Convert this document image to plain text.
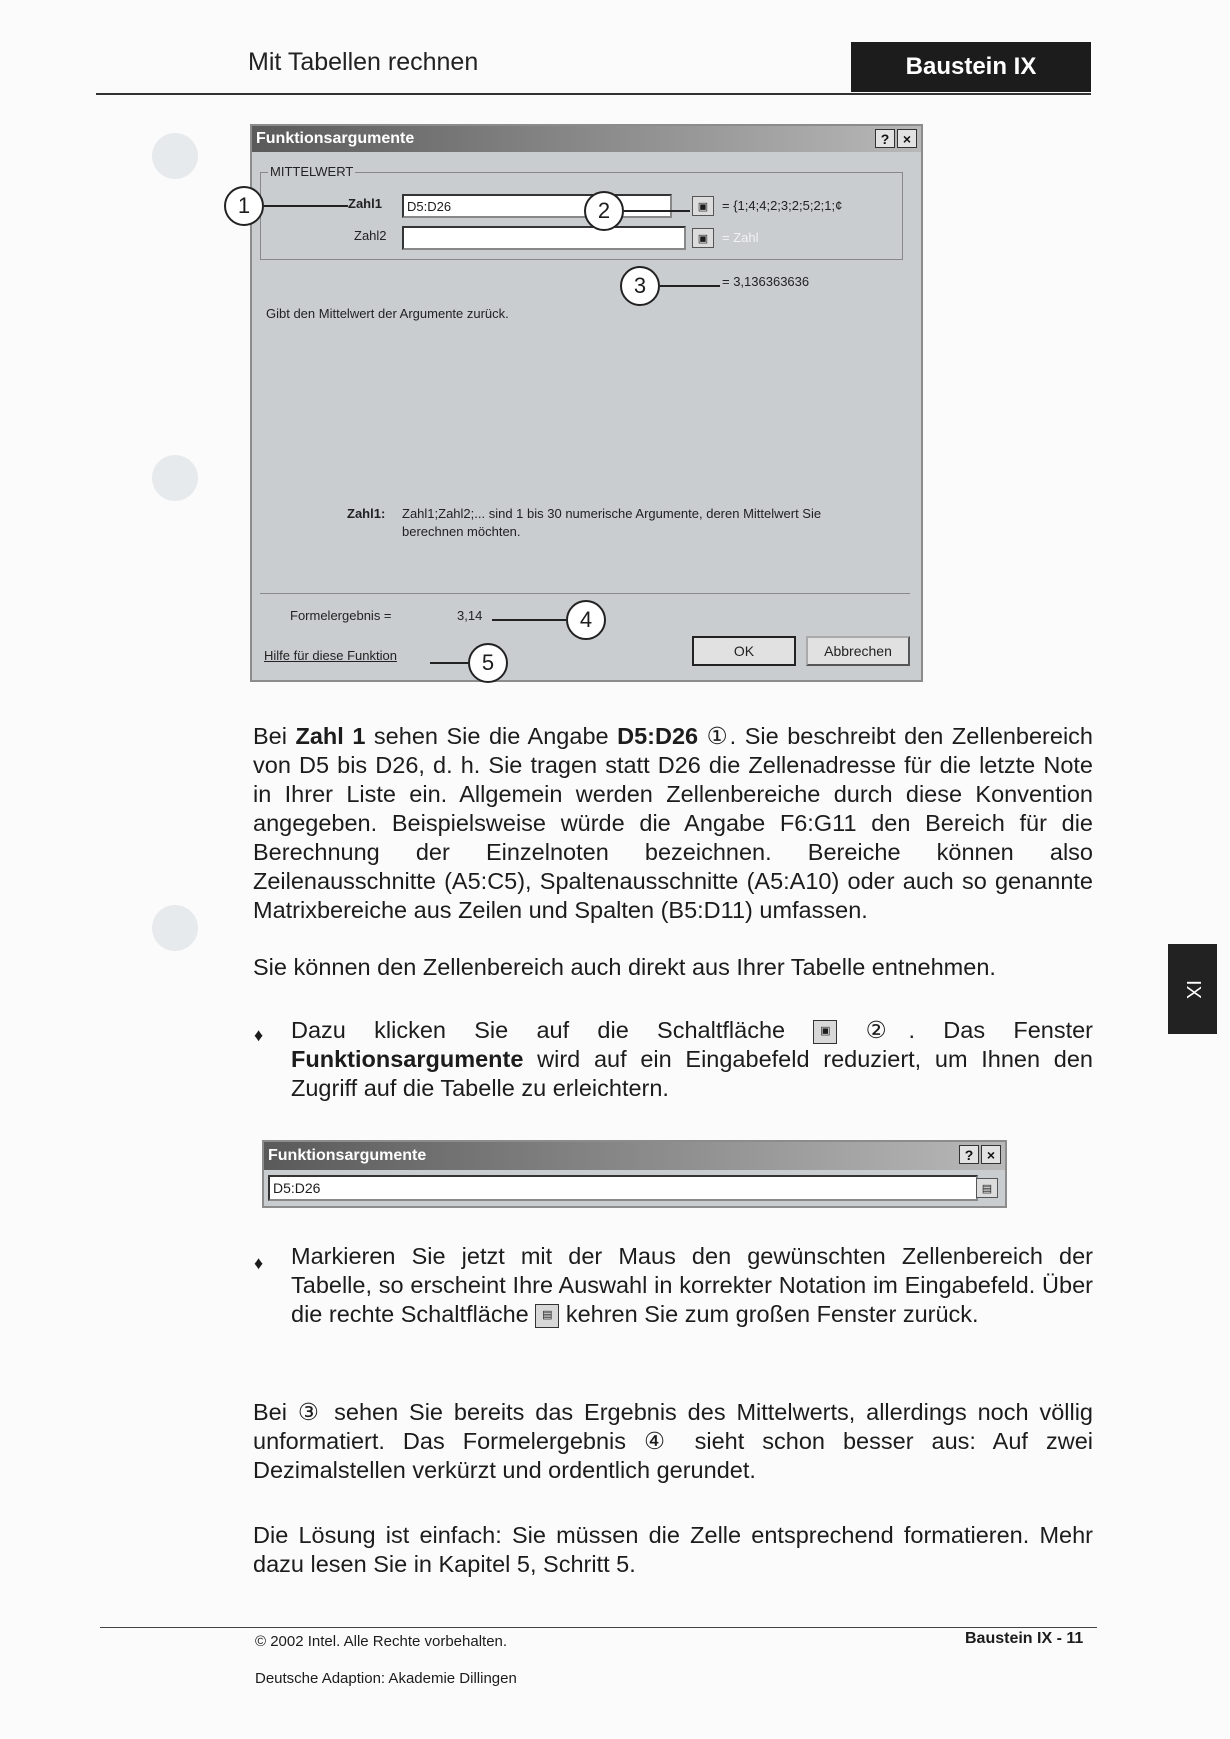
Mit Tabellen rechnen	Baustein IX
Funktionsargumente	? ×
MITTELWERT
Zahl1	D5:D26	▣ = {1;4;4;2;3;2;5;2;1;¢
Zahl2	▣ = Zahl
= 3,136363636
Gibt den Mittelwert der Argumente zurück.
Zahl1: Zahl1;Zahl2;... sind 1 bis 30 numerische Argumente, deren Mittelwert Sie
berechnen möchten.
Formelergebnis =	3,14
Hilfe für diese Funktion	OK	Abbrechen
1	2
3
4
5
Bei Zahl 1 sehen Sie die Angabe D5:D26 ①. Sie beschreibt den Zellenbereich von D5 bis D26, d. h. Sie tragen statt D26 die Zellenadresse für die letzte Note in Ihrer Liste ein. Allgemein werden Zellenbereiche durch diese Konvention angegeben. Beispielsweise würde die Angabe F6:G11 den Bereich für die Berechnung der Einzelnoten bezeichnen. Bereiche können also Zeilenausschnitte (A5:C5), Spaltenausschnitte (A5:A10) oder auch so genannte Matrixbereiche aus Zeilen und Spalten (B5:D11) umfassen.
Sie können den Zellenbereich auch direkt aus Ihrer Tabelle entnehmen.
♦ Dazu klicken Sie auf die Schaltfläche	▣ ②. Das Fenster Funktionsargumente wird auf ein Eingabefeld reduziert, um Ihnen den Zugriff auf die Tabelle zu erleichtern.
Funktionsargumente	? ×
D5:D26	▤
♦ Markieren Sie jetzt mit der Maus den gewünschten Zellenbereich der Tabelle, so erscheint Ihre Auswahl in korrekter Notation im Eingabefeld. Über die rechte Schaltfläche ▤ kehren Sie zum großen Fenster zurück.
Bei ③ sehen Sie bereits das Ergebnis des Mittelwerts, allerdings noch völlig unformatiert. Das Formelergebnis ④ sieht schon besser aus: Auf zwei Dezimalstellen verkürzt und ordentlich gerundet.
Die Lösung ist einfach: Sie müssen die Zelle entsprechend formatieren. Mehr dazu lesen Sie in Kapitel 5, Schritt 5.
IX
© 2002 Intel. Alle Rechte vorbehalten.	Baustein IX - 11
Deutsche Adaption: Akademie Dillingen
